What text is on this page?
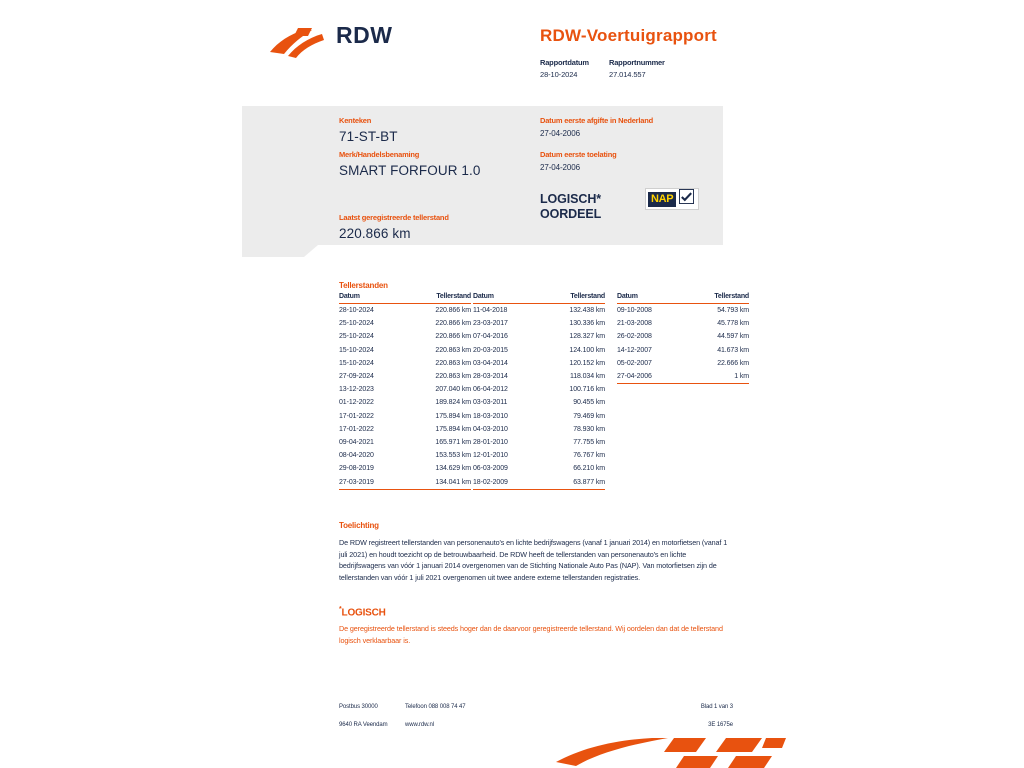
RDW	RDW-Voertuigrapport
Rapportdatum
28-10-2024
Rapportnummer
27.014.557
Kenteken
71-ST-BT
Merk/Handelsbenaming
SMART FORFOUR 1.0
Laatst geregistreerde tellerstand
220.866 km
Datum eerste afgifte in Nederland
27-04-2006
Datum eerste toelating
27-04-2006
LOGISCH*
OORDEEL
NAP
Tellerstanden
Datum	Tellerstand
28-10-2024	220.866 km
25-10-2024	220.866 km
25-10-2024	220.866 km
15-10-2024	220.863 km
15-10-2024	220.863 km
27-09-2024	220.863 km
13-12-2023	207.040 km
01-12-2022	189.824 km
17-01-2022	175.894 km
17-01-2022	175.894 km
09-04-2021	165.971 km
08-04-2020	153.553 km
29-08-2019	134.629 km
27-03-2019	134.041 km
Datum	Tellerstand
11-04-2018	132.438 km
23-03-2017	130.336 km
07-04-2016	128.327 km
20-03-2015	124.100 km
03-04-2014	120.152 km
28-03-2014	118.034 km
06-04-2012	100.716 km
03-03-2011	90.455 km
18-03-2010	79.469 km
04-03-2010	78.930 km
28-01-2010	77.755 km
12-01-2010	76.767 km
06-03-2009	66.210 km
18-02-2009	63.877 km
Datum	Tellerstand
09-10-2008	54.793 km
21-03-2008	45.778 km
26-02-2008	44.597 km
14-12-2007	41.673 km
05-02-2007	22.666 km
27-04-2006	1 km
Toelichting
De RDW registreert tellerstanden van personenauto's en lichte bedrijfswagens (vanaf 1 januari 2014) en motorfietsen (vanaf 1 juli 2021) en houdt toezicht op de betrouwbaarheid. De RDW heeft de tellerstanden van personenauto's en lichte bedrijfswagens van vóór 1 januari 2014 overgenomen van de Stichting Nationale Auto Pas (NAP). Van motorfietsen zijn de tellerstanden van vóór 1 juli 2021 overgenomen uit twee andere externe tellerstanden registraties.
*LOGISCH
De geregistreerde tellerstand is steeds hoger dan de daarvoor geregistreerde tellerstand. Wij oordelen dan dat de tellerstand logisch verklaarbaar is.
Postbus 30000
9640 RA Veendam
Telefoon 088 008 74 47
www.rdw.nl
Blad 1 van 3
3E 1675e
